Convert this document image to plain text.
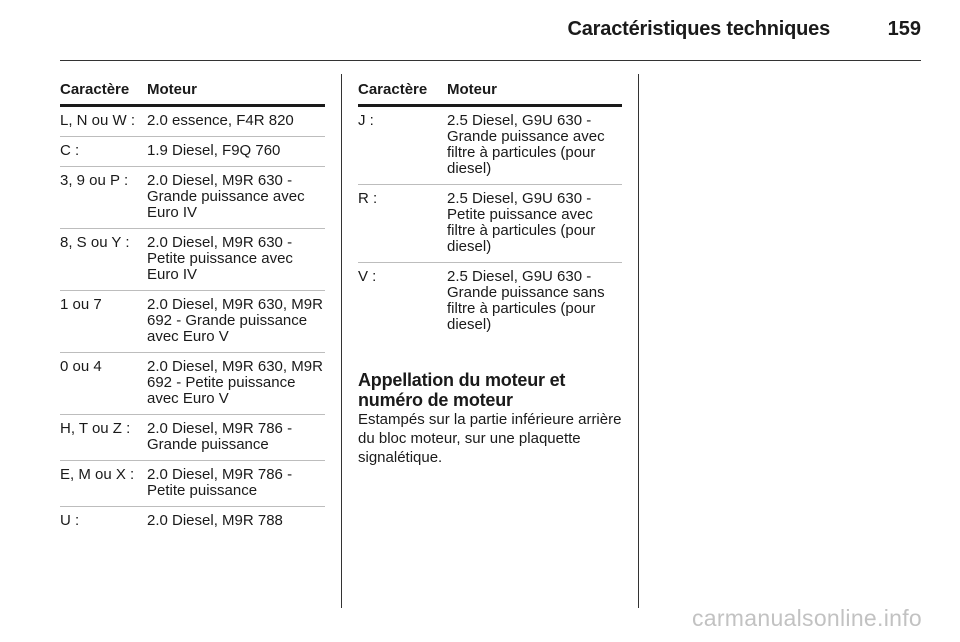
Caractéristiques techniques	159
Caractère	Moteur
L, N ou W : 2.0 essence, F4R 820
C :	1.9 Diesel, F9Q 760
3, 9 ou P :	2.0 Diesel, M9R 630 - Grande puissance avec Euro IV
8, S ou Y :	2.0 Diesel, M9R 630 - Petite puissance avec Euro IV
1 ou 7	2.0 Diesel, M9R 630, M9R 692 - Grande puissance avec Euro V
0 ou 4	2.0 Diesel, M9R 630, M9R 692 - Petite puissance avec Euro V
H, T ou Z :	2.0 Diesel, M9R 786 - Grande puissance
E, M ou X : 2.0 Diesel, M9R 786 - Petite puissance
U :	2.0 Diesel, M9R 788
Caractère	Moteur
J :	2.5 Diesel, G9U 630 - Grande puissance avec filtre à particules (pour diesel)
R :	2.5 Diesel, G9U 630 - Petite puissance avec filtre à particules (pour diesel)
V :	2.5 Diesel, G9U 630 - Grande puissance sans filtre à particules (pour diesel)
Appellation du moteur et numéro de moteur
Estampés sur la partie inférieure arrière du bloc moteur, sur une plaquette signalétique.
carmanualsonline.info
